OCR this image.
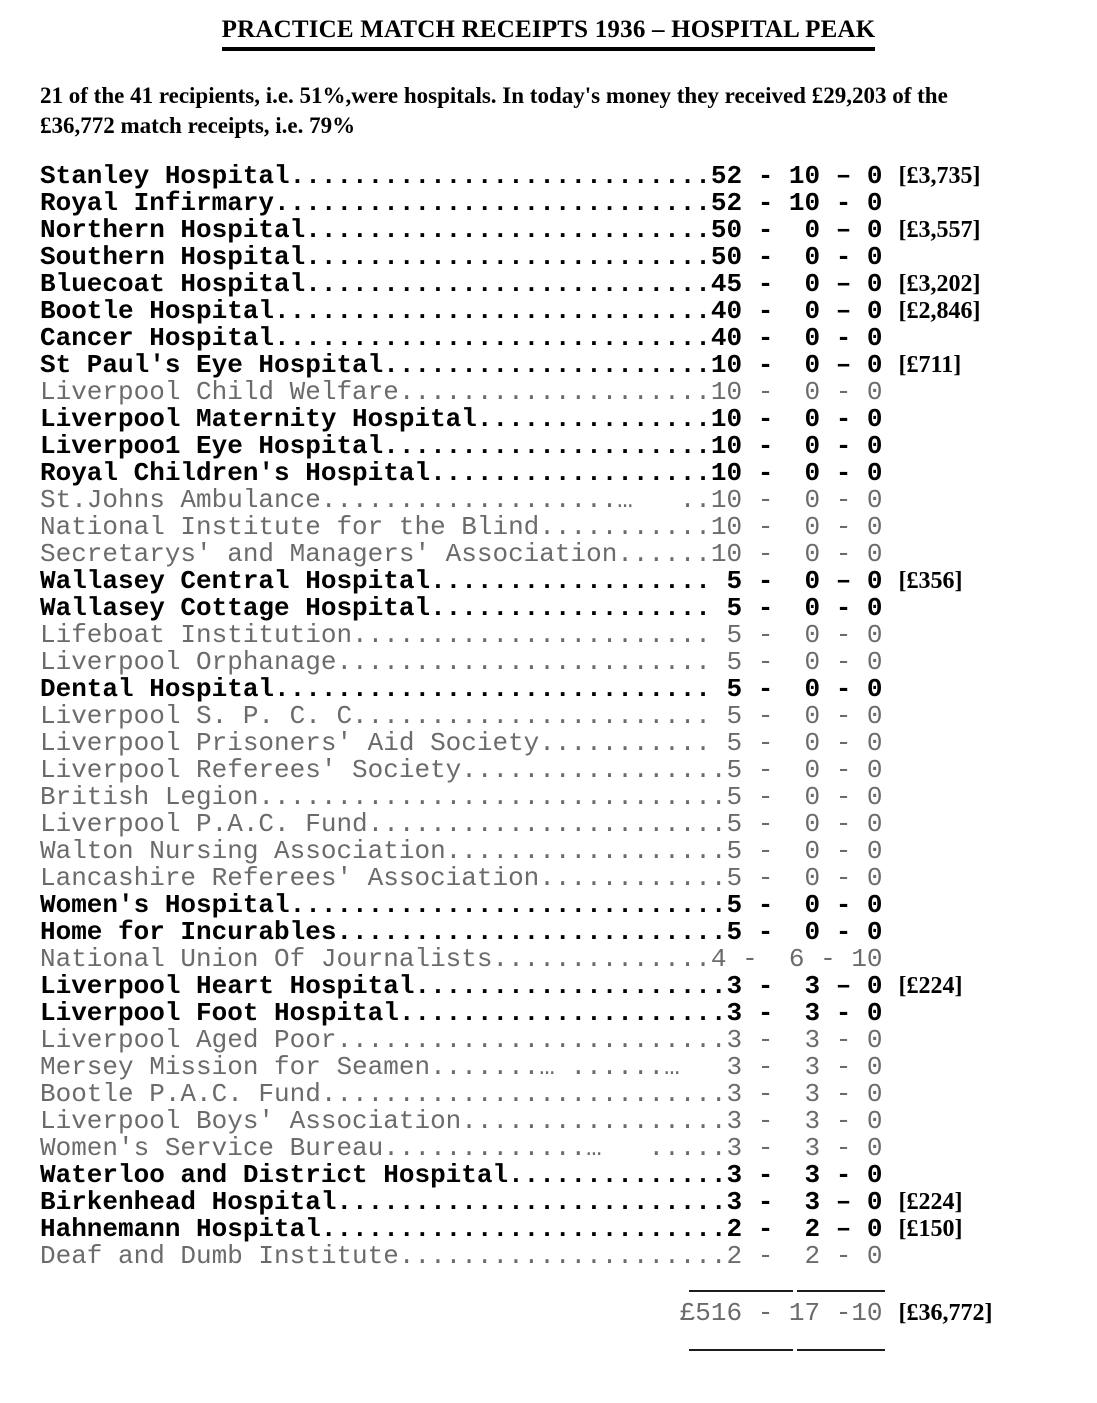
PRACTICE MATCH RECEIPTS 1936 – HOSPITAL PEAK

21 of the 41 recipients, i.e. 51%,were hospitals. In today's money they received £29,203 of the
£36,772 match receipts, i.e. 79%

Stanley Hospital...........................52 - 10 – 0 [£3,735]
Royal Infirmary............................52 - 10 - 0
Northern Hospital..........................50 -  0 – 0 [£3,557]
Southern Hospital..........................50 -  0 - 0
Bluecoat Hospital..........................45 -  0 – 0 [£3,202]
Bootle Hospital............................40 -  0 – 0 [£2,846]
Cancer Hospital............................40 -  0 - 0
St Paul's Eye Hospital.....................10 -  0 – 0 [£711]
Liverpool Child Welfare....................10 -  0 - 0
Liverpool Maternity Hospital...............10 -  0 - 0
Liverpoo1 Eye Hospital.....................10 -  0 - 0
Royal Children's Hospital..................10 -  0 - 0
St.Johns Ambulance...................…   ..10 -  0 - 0
National Institute for the Blind...........10 -  0 - 0
Secretarys' and Managers' Association......10 -  0 - 0
Wallasey Central Hospital.................. 5 -  0 – 0 [£356]
Wallasey Cottage Hospital.................. 5 -  0 - 0
Lifeboat Institution....................... 5 -  0 - 0
Liverpool Orphanage........................ 5 -  0 - 0
Dental Hospital............................ 5 -  0 - 0
Liverpool S. P. C. C....................... 5 -  0 - 0
Liverpool Prisoners' Aid Society........... 5 -  0 - 0
Liverpool Referees' Society.................5 -  0 - 0
British Legion..............................5 -  0 - 0
Liverpool P.A.C. Fund.......................5 -  0 - 0
Walton Nursing Association..................5 -  0 - 0
Lancashire Referees' Association............5 -  0 - 0
Women's Hospital............................5 -  0 - 0
Home for Incurables.........................5 -  0 - 0
National Union Of Journalists..............4 -  6 - 10
Liverpool Heart Hospital....................3 -  3 – 0 [£224]
Liverpool Foot Hospital.....................3 -  3 - 0
Liverpool Aged Poor.........................3 -  3 - 0
Mersey Mission for Seamen.......… ......…   3 -  3 - 0
Bootle P.A.C. Fund..........................3 -  3 - 0
Liverpool Boys' Association.................3 -  3 - 0
Women's Service Bureau.............…   .....3 -  3 - 0
Waterloo and District Hospital..............3 -  3 - 0
Birkenhead Hospital.........................3 -  3 – 0 [£224]
Hahnemann Hospital..........................2 -  2 – 0 [£150]
Deaf and Dumb Institute.....................2 -  2 - 0
£516 - 17 -10 [£36,772]
